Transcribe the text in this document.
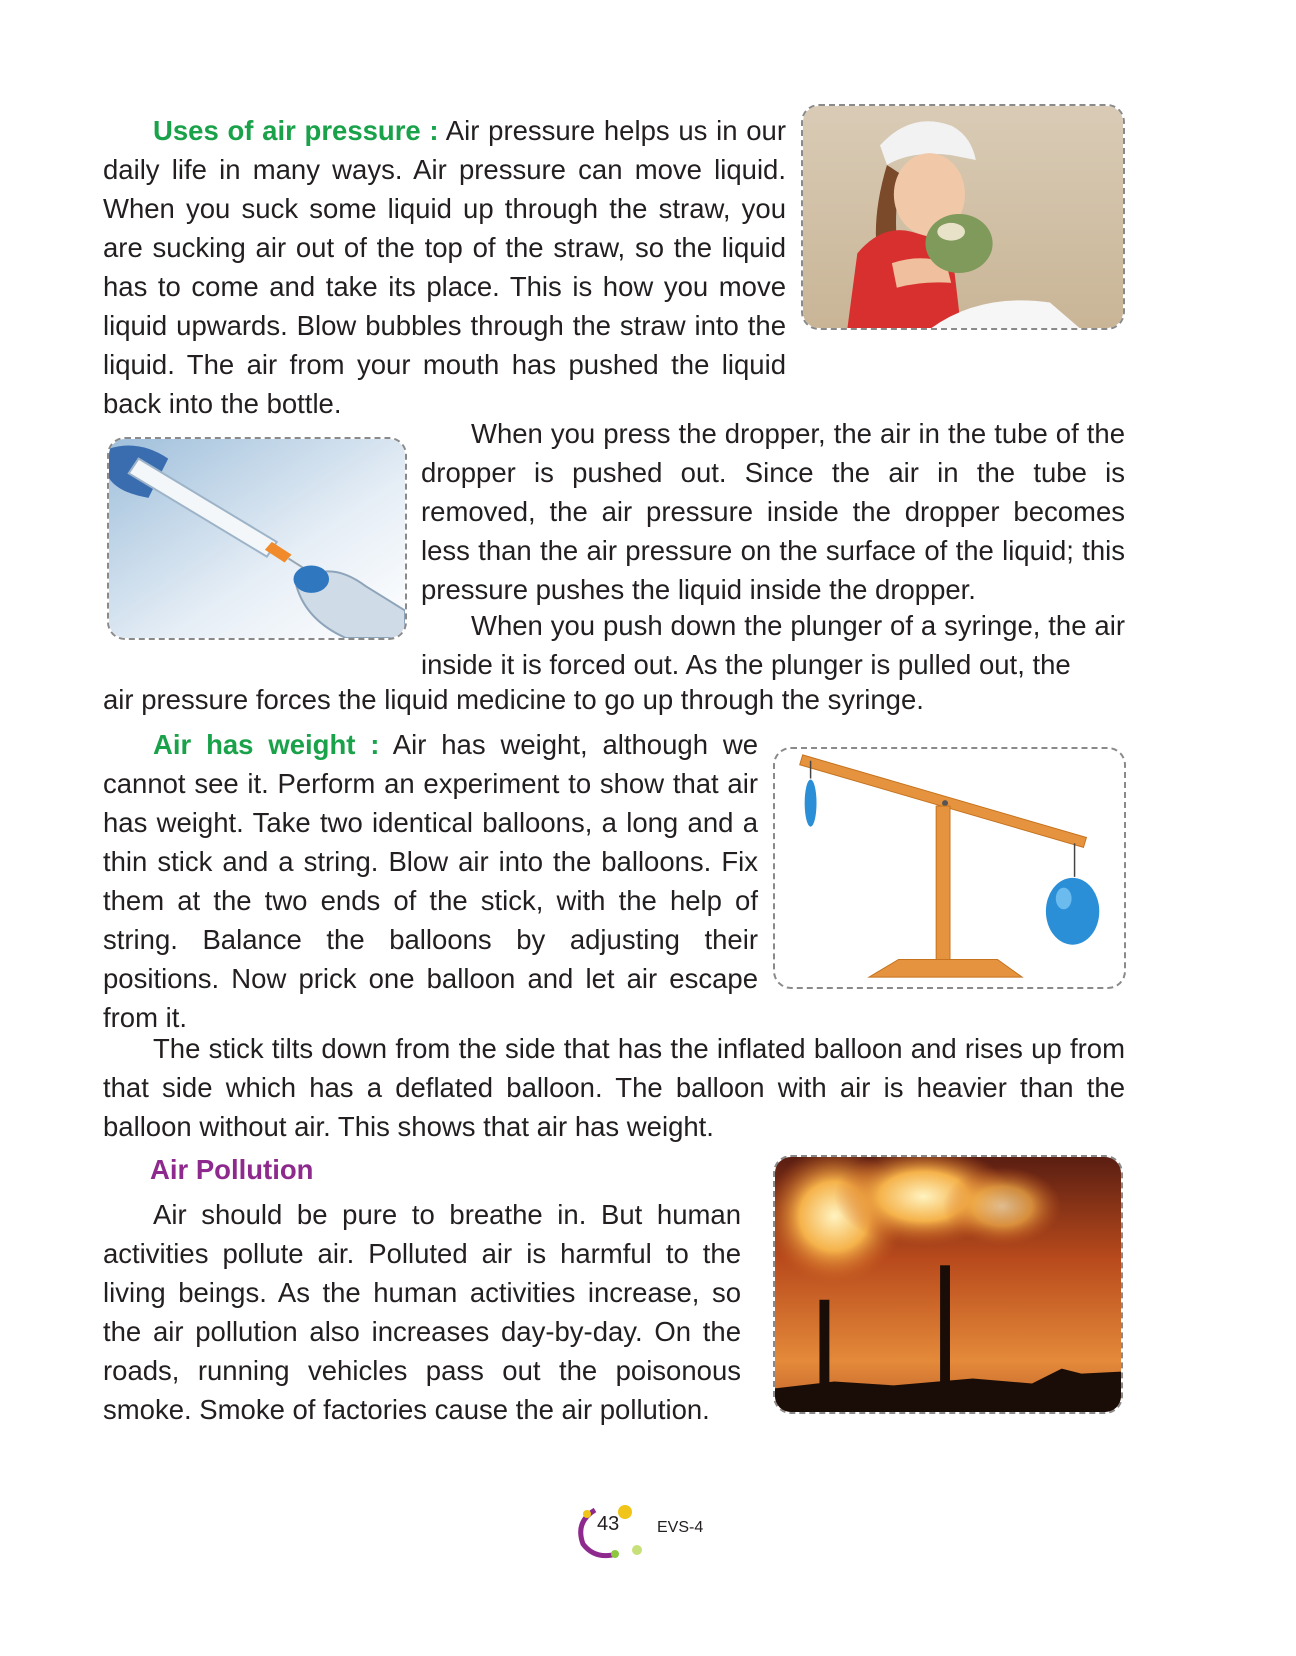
Uses of air pressure : Air pressure helps us in our daily life in many ways. Air pressure can move liquid. When you suck some liquid up through the straw, you are sucking air out of the top of the straw, so the liquid has to come and take its place. This is how you move liquid upwards. Blow bubbles through the straw into the liquid. The air from your mouth has pushed the liquid back into the bottle.

When you press the dropper, the air in the tube of the dropper is pushed out. Since the air in the tube is removed, the air pressure inside the dropper becomes less than the air pressure on the surface of the liquid; this pressure pushes the liquid inside the dropper.

When you push down the plunger of a syringe, the air inside it is forced out. As the plunger is pulled out, the

air pressure forces the liquid medicine to go up through the syringe.

Air has weight : Air has weight, although we cannot see it. Perform an experiment to show that air has weight. Take two identical balloons, a long and a thin stick and a string. Blow air into the balloons. Fix them at the two ends of the stick, with the help of string. Balance the balloons by adjusting their positions. Now prick one balloon and let air escape from it.

The stick tilts down from the side that has the inflated balloon and rises up from that side which has a deflated balloon. The balloon with air is heavier than the balloon without air. This shows that air has weight.

Air Pollution

Air should be pure to breathe in. But human activities pollute air. Polluted air is harmful to the living beings. As the human activities increase, so the air pollution also increases day-by-day. On the roads, running vehicles pass out the poisonous smoke. Smoke of factories cause the air pollution.

43 EVS-4
